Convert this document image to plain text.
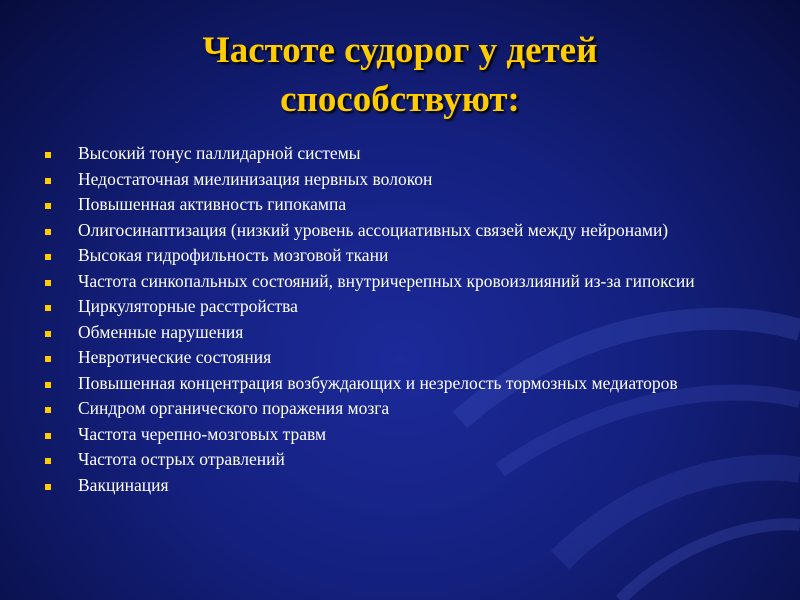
Частоте судорог у детей
способствуют:
Высокий тонус паллидарной системы
Недостаточная миелинизация нервных волокон
Повышенная активность гипокампа
Олигосинаптизация (низкий уровень ассоциативных связей между нейронами)
Высокая гидрофильность мозговой ткани
Частота синкопальных состояний, внутричерепных кровоизлияний из-за гипоксии
Циркуляторные расстройства
Обменные нарушения
Невротические состояния
Повышенная концентрация возбуждающих и незрелость тормозных медиаторов
Синдром органического поражения мозга
Частота черепно-мозговых травм
Частота острых отравлений
Вакцинация
